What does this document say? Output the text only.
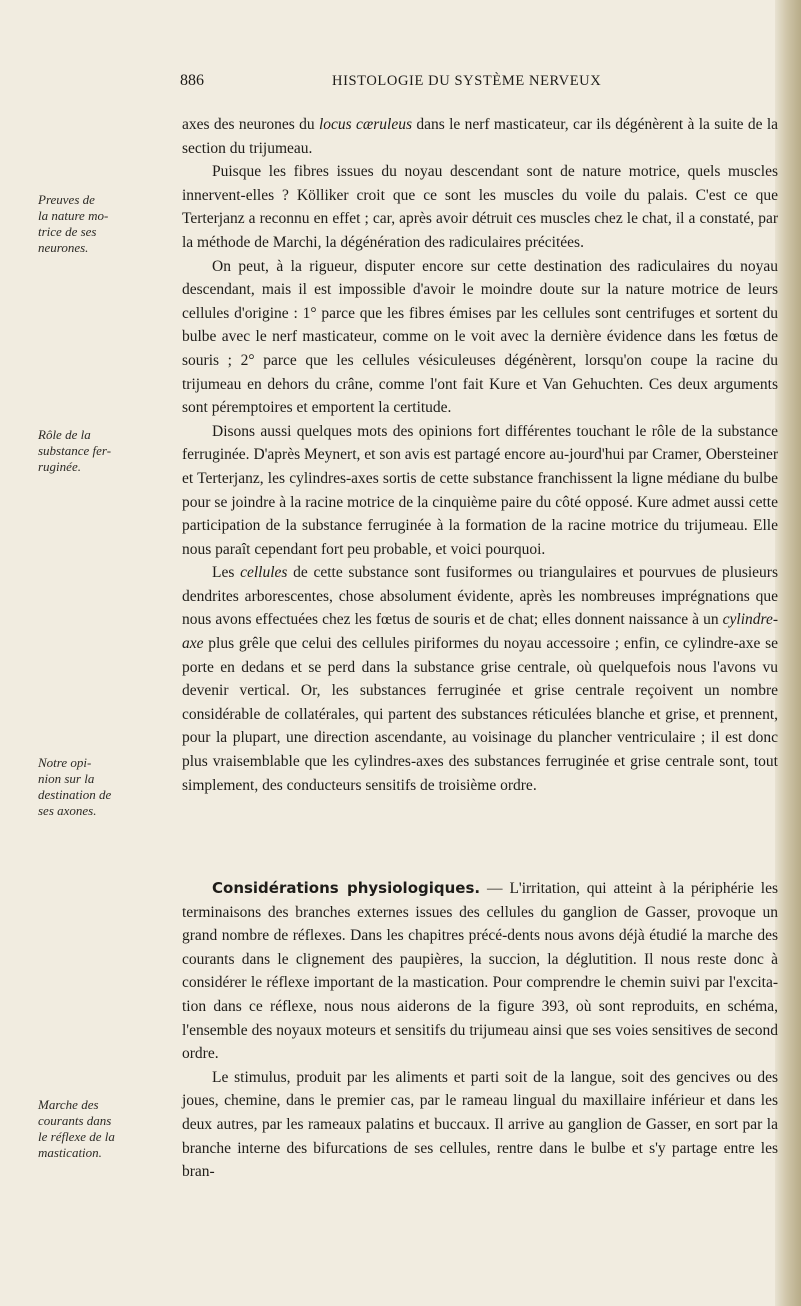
886	HISTOLOGIE DU SYSTÈME NERVEUX
Preuves de
la nature mo-
trice de ses
neurones.
Rôle de la
substance fer-
ruginée.
Notre opi-
nion sur la
destination de
ses axones.
Marche des
courants dans
le réflexe de la
mastication.

axes des neurones du locus cæruleus dans le nerf masticateur, car ils dégénèrent à la suite de la section du trijumeau.

Puisque les fibres issues du noyau descendant sont de nature motrice, quels muscles innervent-elles ? Kölliker croit que ce sont les muscles du voile du palais. C'est ce que Terterjanz a reconnu en effet ; car, après avoir détruit ces muscles chez le chat, il a constaté, par la méthode de Marchi, la dégénération des radiculaires précitées.

On peut, à la rigueur, disputer encore sur cette destination des radiculaires du noyau descendant, mais il est impossible d'avoir le moindre doute sur la nature motrice de leurs cellules d'origine : 1° parce que les fibres émises par les cellules sont centrifuges et sortent du bulbe avec le nerf masticateur, comme on le voit avec la dernière évidence dans les fœtus de souris ; 2° parce que les cellules vésiculeuses dégénèrent, lorsqu'on coupe la racine du trijumeau en dehors du crâne, comme l'ont fait Kure et Van Gehuchten. Ces deux arguments sont péremptoires et emportent la certitude.

Disons aussi quelques mots des opinions fort différentes touchant le rôle de la substance ferruginée. D'après Meynert, et son avis est partagé encore au-jourd'hui par Cramer, Obersteiner et Terterjanz, les cylindres-axes sortis de cette substance franchissent la ligne médiane du bulbe pour se joindre à la racine motrice de la cinquième paire du côté opposé. Kure admet aussi cette participation de la substance ferruginée à la formation de la racine motrice du trijumeau. Elle nous paraît cependant fort peu probable, et voici pourquoi.

Les cellules de cette substance sont fusiformes ou triangulaires et pourvues de plusieurs dendrites arborescentes, chose absolument évidente, après les nombreuses imprégnations que nous avons effectuées chez les fœtus de souris et de chat; elles donnent naissance à un cylindre-axe plus grêle que celui des cellules piriformes du noyau accessoire ; enfin, ce cylindre-axe se porte en dedans et se perd dans la substance grise centrale, où quelquefois nous l'avons vu devenir vertical. Or, les substances ferruginée et grise centrale reçoivent un nombre considérable de collatérales, qui partent des substances réticulées blanche et grise, et prennent, pour la plupart, une direction ascendante, au voisinage du plancher ventriculaire ; il est donc plus vraisemblable que les cylindres-axes des substances ferruginée et grise centrale sont, tout simplement, des conducteurs sensitifs de troisième ordre.

Considérations physiologiques. — L'irritation, qui atteint à la périphérie les terminaisons des branches externes issues des cellules du ganglion de Gasser, provoque un grand nombre de réflexes. Dans les chapitres précé-dents nous avons déjà étudié la marche des courants dans le clignement des paupières, la succion, la déglutition. Il nous reste donc à considérer le réflexe important de la mastication. Pour comprendre le chemin suivi par l'excita-tion dans ce réflexe, nous nous aiderons de la figure 393, où sont reproduits, en schéma, l'ensemble des noyaux moteurs et sensitifs du trijumeau ainsi que ses voies sensitives de second ordre.

Le stimulus, produit par les aliments et parti soit de la langue, soit des gencives ou des joues, chemine, dans le premier cas, par le rameau lingual du maxillaire inférieur et dans les deux autres, par les rameaux palatins et buccaux. Il arrive au ganglion de Gasser, en sort par la branche interne des bifurcations de ses cellules, rentre dans le bulbe et s'y partage entre les bran-
